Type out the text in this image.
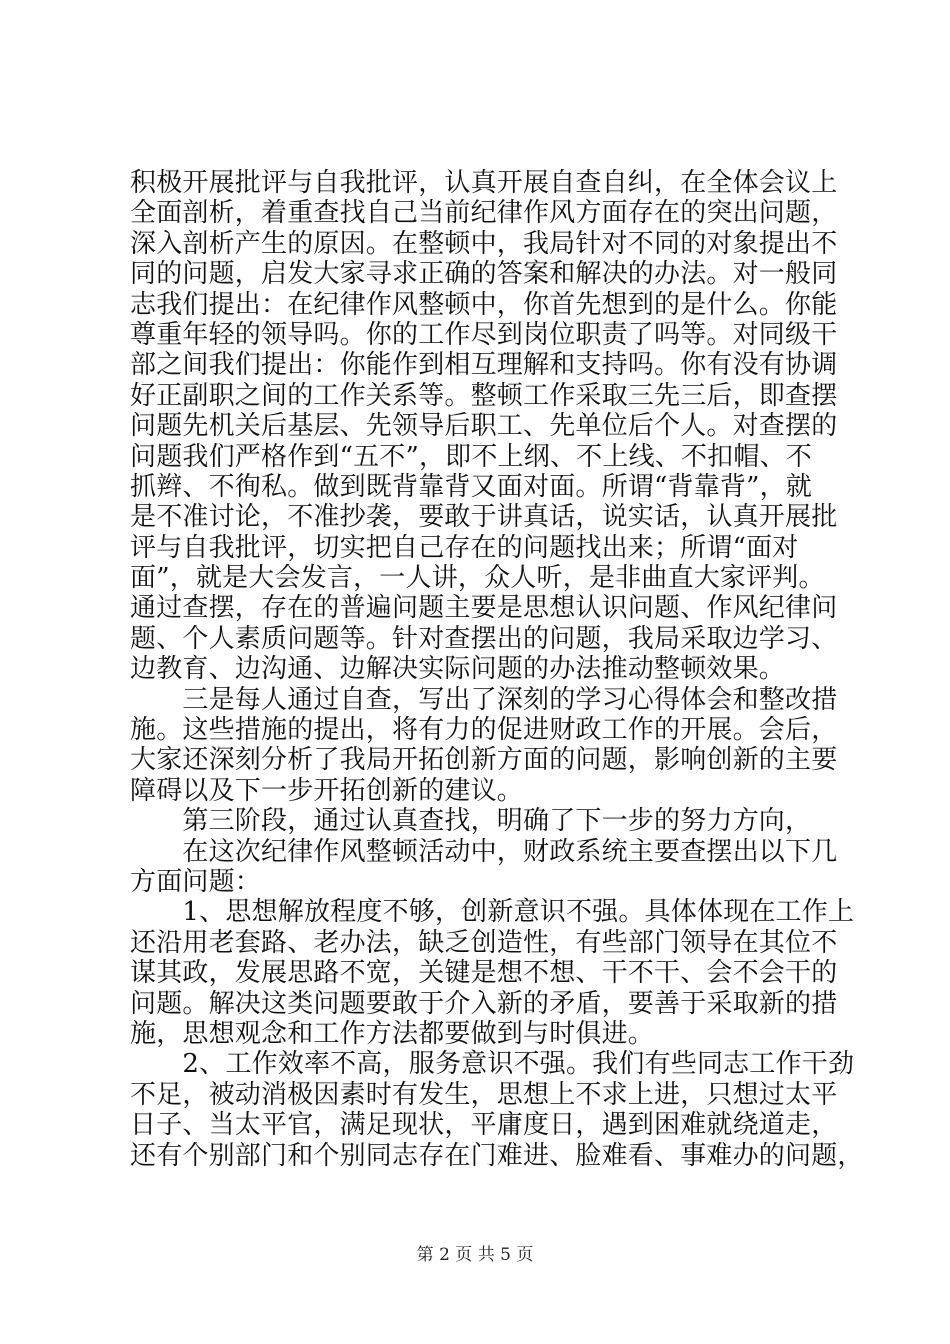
积极开展批评与自我批评，认真开展自查自纠，在全体会议上
全面剖析，着重查找自己当前纪律作风方面存在的突出问题，
深入剖析产生的原因。在整顿中，我局针对不同的对象提出不
同的问题，启发大家寻求正确的答案和解决的办法。对一般同
志我们提出：在纪律作风整顿中，你首先想到的是什么。你能
尊重年轻的领导吗。你的工作尽到岗位职责了吗等。对同级干
部之间我们提出：你能作到相互理解和支持吗。你有没有协调
好正副职之间的工作关系等。整顿工作采取三先三后，即查摆
问题先机关后基层、先领导后职工、先单位后个人。对查摆的
问题我们严格作到“五不”，即不上纲、不上线、不扣帽、不
抓辫、不徇私。做到既背靠背又面对面。所谓“背靠背”，就
是不准讨论，不准抄袭，要敢于讲真话，说实话，认真开展批
评与自我批评，切实把自己存在的问题找出来；所谓“面对
面”，就是大会发言，一人讲，众人听，是非曲直大家评判。
通过查摆，存在的普遍问题主要是思想认识问题、作风纪律问
题、个人素质问题等。针对查摆出的问题，我局采取边学习、
边教育、边沟通、边解决实际问题的办法推动整顿效果。
　　三是每人通过自查，写出了深刻的学习心得体会和整改措
施。这些措施的提出，将有力的促进财政工作的开展。会后，
大家还深刻分析了我局开拓创新方面的问题，影响创新的主要
障碍以及下一步开拓创新的建议。
　　第三阶段，通过认真查找，明确了下一步的努力方向，
　　在这次纪律作风整顿活动中，财政系统主要查摆出以下几
方面问题：
　　1、思想解放程度不够，创新意识不强。具体体现在工作上
还沿用老套路、老办法，缺乏创造性，有些部门领导在其位不
谋其政，发展思路不宽，关键是想不想、干不干、会不会干的
问题。解决这类问题要敢于介入新的矛盾，要善于采取新的措
施，思想观念和工作方法都要做到与时俱进。
　　2、工作效率不高，服务意识不强。我们有些同志工作干劲
不足，被动消极因素时有发生，思想上不求上进，只想过太平
日子、当太平官，满足现状，平庸度日，遇到困难就绕道走，
还有个别部门和个别同志存在门难进、脸难看、事难办的问题，
第 2 页 共 5 页
